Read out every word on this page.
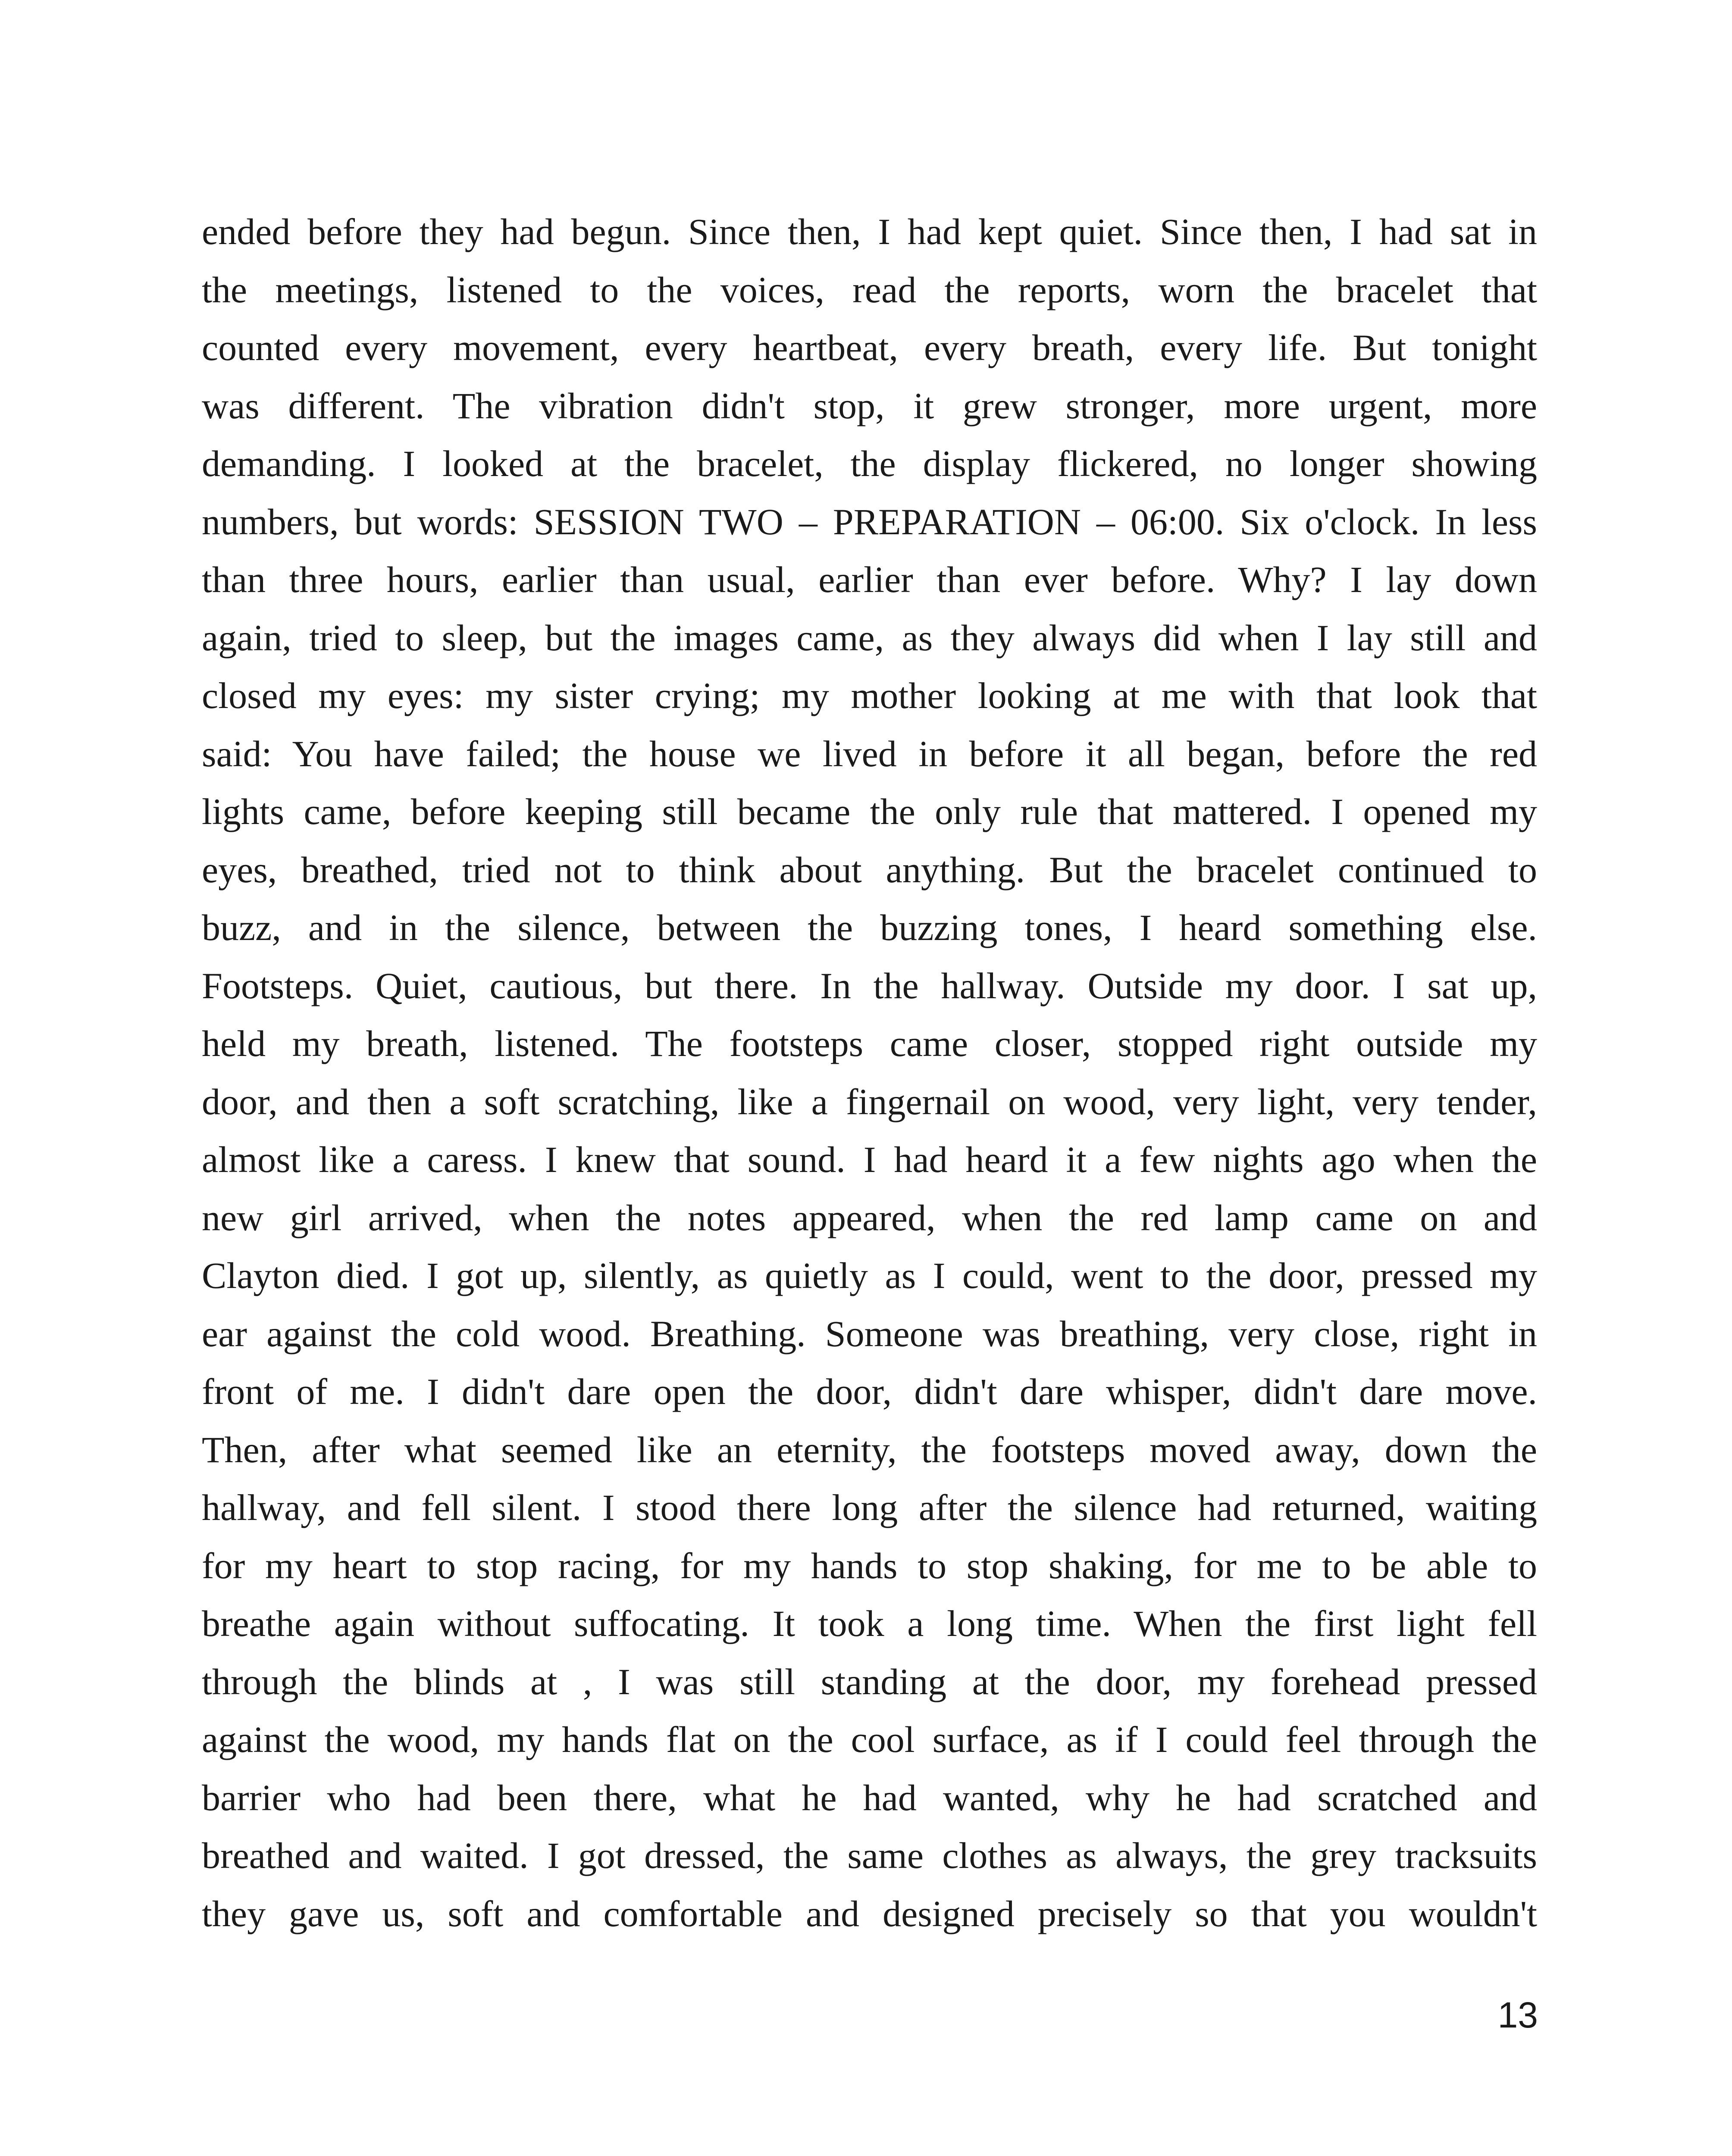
ended before they had begun. Since then, I had kept quiet. Since then, I had sat in
the meetings, listened to the voices, read the reports, worn the bracelet that
counted every movement, every heartbeat, every breath, every life. But tonight
was different. The vibration didn't stop, it grew stronger, more urgent, more
demanding. I looked at the bracelet, the display flickered, no longer showing
numbers, but words: SESSION TWO – PREPARATION – 06:00. Six o'clock. In less
than three hours, earlier than usual, earlier than ever before. Why? I lay down
again, tried to sleep, but the images came, as they always did when I lay still and
closed my eyes: my sister crying; my mother looking at me with that look that
said: You have failed; the house we lived in before it all began, before the red
lights came, before keeping still became the only rule that mattered. I opened my
eyes, breathed, tried not to think about anything. But the bracelet continued to
buzz, and in the silence, between the buzzing tones, I heard something else.
Footsteps. Quiet, cautious, but there. In the hallway. Outside my door. I sat up,
held my breath, listened. The footsteps came closer, stopped right outside my
door, and then a soft scratching, like a fingernail on wood, very light, very tender,
almost like a caress. I knew that sound. I had heard it a few nights ago when the
new girl arrived, when the notes appeared, when the red lamp came on and
Clayton died. I got up, silently, as quietly as I could, went to the door, pressed my
ear against the cold wood. Breathing. Someone was breathing, very close, right in
front of me. I didn't dare open the door, didn't dare whisper, didn't dare move.
Then, after what seemed like an eternity, the footsteps moved away, down the
hallway, and fell silent. I stood there long after the silence had returned, waiting
for my heart to stop racing, for my hands to stop shaking, for me to be able to
breathe again without suffocating. It took a long time. When the first light fell
through the blinds at , I was still standing at the door, my forehead pressed
against the wood, my hands flat on the cool surface, as if I could feel through the
barrier who had been there, what he had wanted, why he had scratched and
breathed and waited. I got dressed, the same clothes as always, the grey tracksuits
they gave us, soft and comfortable and designed precisely so that you wouldn't
13
